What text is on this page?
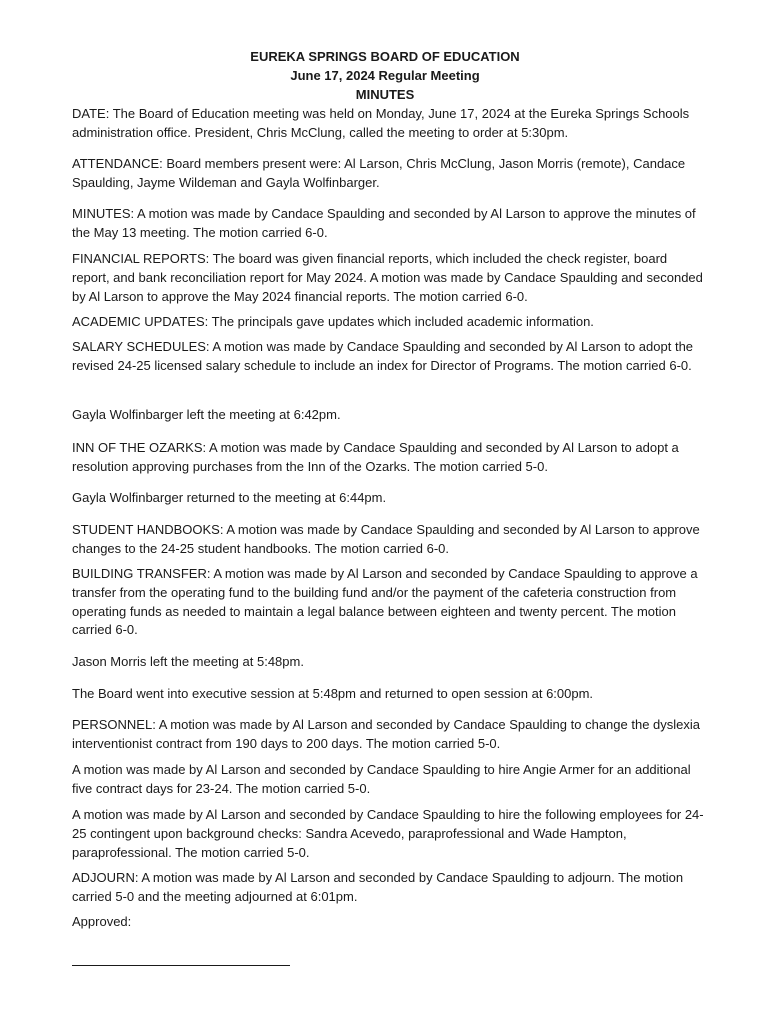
EUREKA SPRINGS BOARD OF EDUCATION
June 17, 2024 Regular Meeting
MINUTES

DATE: The Board of Education meeting was held on Monday, June 17, 2024 at the Eureka Springs Schools administration office. President, Chris McClung, called the meeting to order at 5:30pm.

ATTENDANCE: Board members present were: Al Larson, Chris McClung, Jason Morris (remote), Candace Spaulding, Jayme Wildeman and Gayla Wolfinbarger.

MINUTES: A motion was made by Candace Spaulding and seconded by Al Larson to approve the minutes of the May 13 meeting. The motion carried 6-0.

FINANCIAL REPORTS: The board was given financial reports, which included the check register, board report, and bank reconciliation report for May 2024. A motion was made by Candace Spaulding and seconded by Al Larson to approve the May 2024 financial reports. The motion carried 6-0.

ACADEMIC UPDATES: The principals gave updates which included academic information.

SALARY SCHEDULES: A motion was made by Candace Spaulding and seconded by Al Larson to adopt the revised 24-25 licensed salary schedule to include an index for Director of Programs. The motion carried 6-0.

Gayla Wolfinbarger left the meeting at 6:42pm.

INN OF THE OZARKS: A motion was made by Candace Spaulding and seconded by Al Larson to adopt a resolution approving purchases from the Inn of the Ozarks. The motion carried 5-0.

Gayla Wolfinbarger returned to the meeting at 6:44pm.

STUDENT HANDBOOKS: A motion was made by Candace Spaulding and seconded by Al Larson to approve changes to the 24-25 student handbooks. The motion carried 6-0.

BUILDING TRANSFER: A motion was made by Al Larson and seconded by Candace Spaulding to approve a transfer from the operating fund to the building fund and/or the payment of the cafeteria construction from operating funds as needed to maintain a legal balance between eighteen and twenty percent. The motion carried 6-0.

Jason Morris left the meeting at 5:48pm.

The Board went into executive session at 5:48pm and returned to open session at 6:00pm.

PERSONNEL: A motion was made by Al Larson and seconded by Candace Spaulding to change the dyslexia interventionist contract from 190 days to 200 days. The motion carried 5-0.

A motion was made by Al Larson and seconded by Candace Spaulding to hire Angie Armer for an additional five contract days for 23-24. The motion carried 5-0.

A motion was made by Al Larson and seconded by Candace Spaulding to hire the following employees for 24-25 contingent upon background checks: Sandra Acevedo, paraprofessional and Wade Hampton, paraprofessional. The motion carried 5-0.

ADJOURN: A motion was made by Al Larson and seconded by Candace Spaulding to adjourn. The motion carried 5-0 and the meeting adjourned at 6:01pm.

Approved:
